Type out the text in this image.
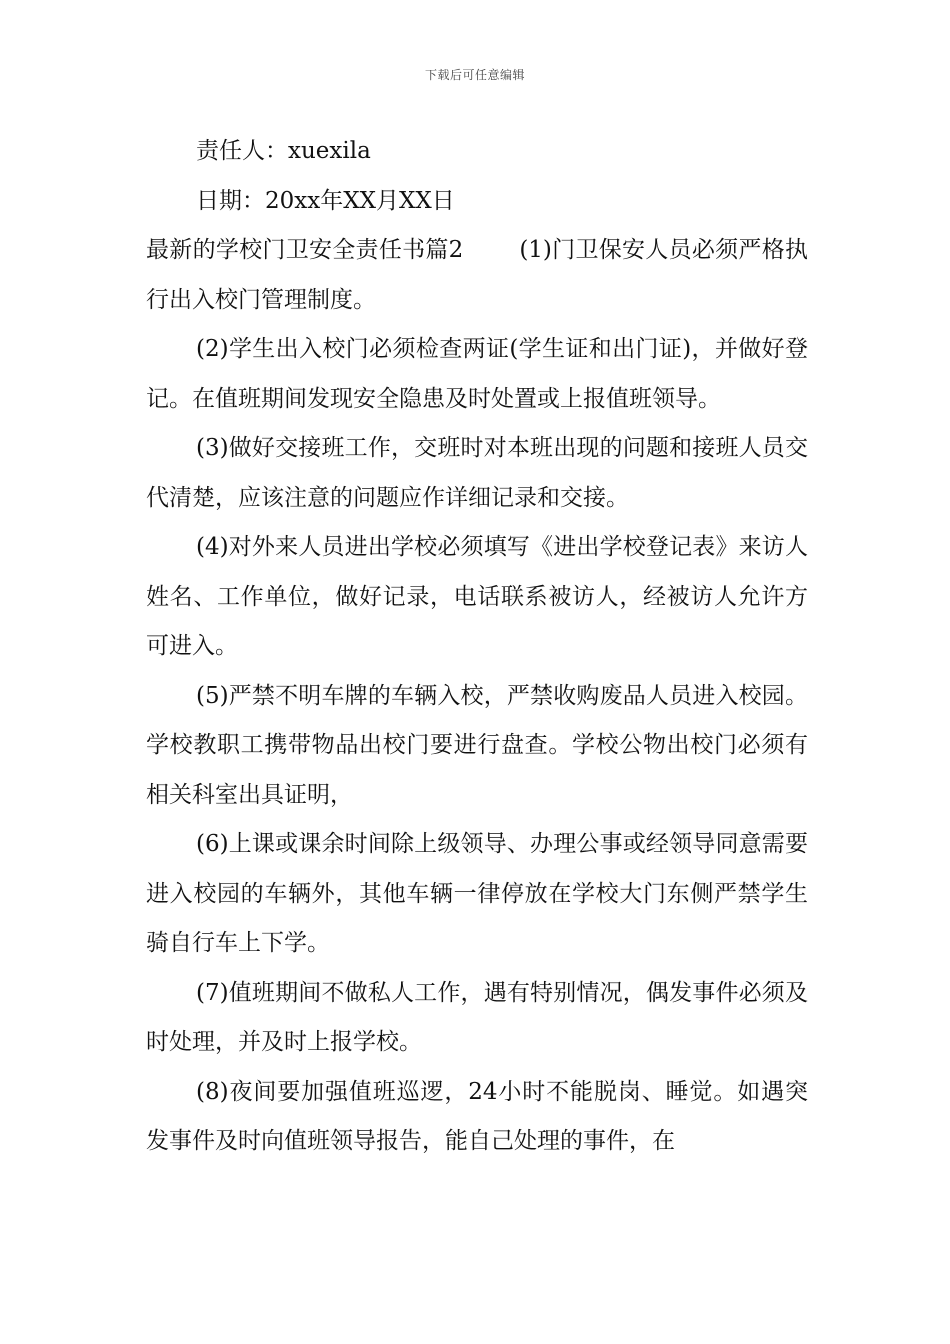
下载后可任意编辑

责任人：xuexila

日期：20xx年XX月XX日

最新的学校门卫安全责任书篇2 (1)门卫保安人员必须严格执行出入校门管理制度。

(2)学生出入校门必须检查两证(学生证和出门证)，并做好登记。在值班期间发现安全隐患及时处置或上报值班领导。

(3)做好交接班工作，交班时对本班出现的问题和接班人员交代清楚，应该注意的问题应作详细记录和交接。

(4)对外来人员进出学校必须填写《进出学校登记表》来访人姓名、工作单位，做好记录，电话联系被访人，经被访人允许方可进入。

(5)严禁不明车牌的车辆入校，严禁收购废品人员进入校园。学校教职工携带物品出校门要进行盘查。学校公物出校门必须有相关科室出具证明，

(6)上课或课余时间除上级领导、办理公事或经领导同意需要进入校园的车辆外，其他车辆一律停放在学校大门东侧严禁学生骑自行车上下学。

(7)值班期间不做私人工作，遇有特别情况，偶发事件必须及时处理，并及时上报学校。

(8)夜间要加强值班巡逻，24小时不能脱岗、睡觉。如遇突发事件及时向值班领导报告，能自己处理的事件，在
